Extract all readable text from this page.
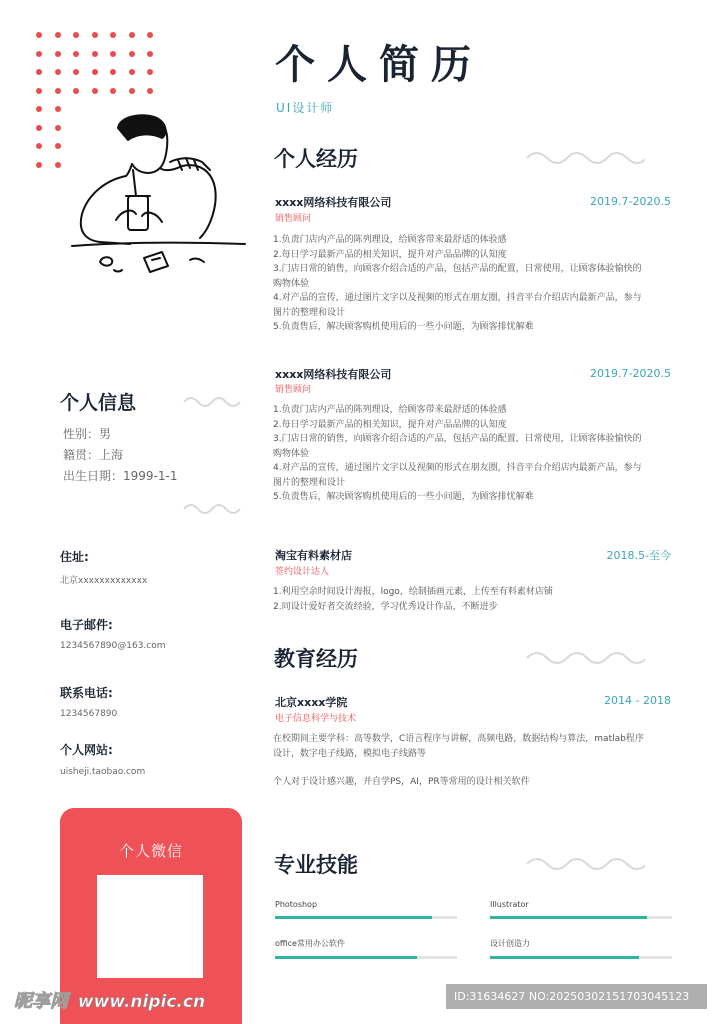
个人简历
UI设计师
个人经历
xxxx网络科技有限公司	2019.7-2020.5
销售顾问
1.负责门店内产品的陈列理设，给顾客带来最舒适的体验感
2.每日学习最新产品的相关知识，提升对产品品牌的认知度
3.门店日常的销售，向顾客介绍合适的产品，包括产品的配置，日常使用，让顾客体验愉快的
购物体验
4.对产品的宣传，通过图片文字以及视频的形式在朋友圈，抖音平台介绍店内最新产品，参与
图片的整理和设计
5.负责售后，解决顾客购机使用后的一些小问题，为顾客排忧解难
xxxx网络科技有限公司	2019.7-2020.5
销售顾问
1.负责门店内产品的陈列理设，给顾客带来最舒适的体验感
2.每日学习最新产品的相关知识，提升对产品品牌的认知度
3.门店日常的销售，向顾客介绍合适的产品，包括产品的配置，日常使用，让顾客体验愉快的
购物体验
4.对产品的宣传，通过图片文字以及视频的形式在朋友圈，抖音平台介绍店内最新产品，参与
图片的整理和设计
5.负责售后，解决顾客购机使用后的一些小问题，为顾客排忧解难
淘宝有料素材店	2018.5-至今
签约设计达人
1.利用空余时间设计海报，logo，绘制插画元素，上传至有料素材店铺
2.同设计爱好者交流经验，学习优秀设计作品，不断进步
教育经历
北京xxxx学院	2014 - 2018
电子信息科学与技术
在校期间主要学科：高等数学，C语言程序与讲解，高频电路，数据结构与算法，matlab程序
设计，数字电子线路，模拟电子线路等
个人对于设计感兴趣，并自学PS，AI，PR等常用的设计相关软件
专业技能
Photoshop	Illustrator
office常用办公软件	设计创造力
个人信息
性别：男
籍贯：上海
出生日期：1999-1-1
住址:
北京xxxxxxxxxxxxx
电子邮件:
1234567890@163.com
联系电话:
1234567890
个人网站:
uisheji.taobao.com
个人微信
昵享网 www.nipic.cn	ID:31634627 NO:20250302151703045123
